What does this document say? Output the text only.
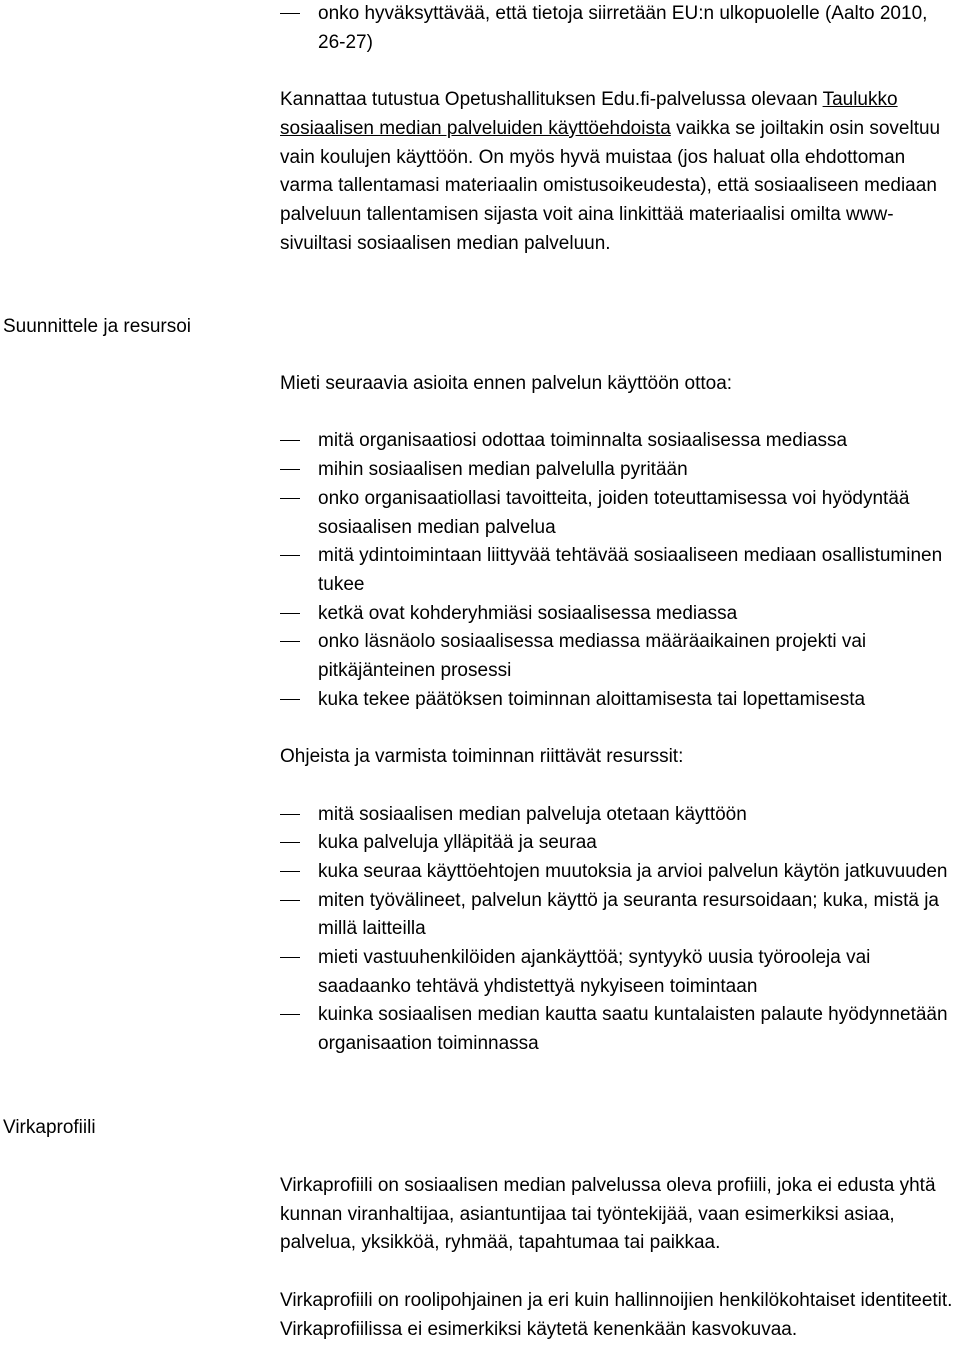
onko hyväksyttävää, että tietoja siirretään EU:n ulkopuolelle (Aalto 2010, 26-27)

Kannattaa tutustua Opetushallituksen Edu.fi-palvelussa olevaan Taulukko sosiaalisen median palveluiden käyttöehdoista vaikka se joiltakin osin soveltuu vain koulujen käyttöön. On myös hyvä muistaa (jos haluat olla ehdottoman varma tallentamasi materiaalin omistusoikeudesta), että sosiaaliseen mediaan palveluun tallentamisen sijasta voit aina linkittää materiaalisi omilta www-sivuiltasi sosiaalisen median palveluun.

Suunnittele ja resursoi

Mieti seuraavia asioita ennen palvelun käyttöön ottoa:

mitä organisaatiosi odottaa toiminnalta sosiaalisessa mediassa
mihin sosiaalisen median palvelulla pyritään
onko organisaatiollasi tavoitteita, joiden toteuttamisessa voi hyödyntää sosiaalisen median palvelua
mitä ydintoimintaan liittyvää tehtävää sosiaaliseen mediaan osallistuminen tukee
ketkä ovat kohderyhmiäsi sosiaalisessa mediassa
onko läsnäolo sosiaalisessa mediassa määräaikainen projekti vai pitkäjänteinen prosessi
kuka tekee päätöksen toiminnan aloittamisesta tai lopettamisesta

Ohjeista ja varmista toiminnan riittävät resurssit:

mitä sosiaalisen median palveluja otetaan käyttöön
kuka palveluja ylläpitää ja seuraa
kuka seuraa käyttöehtojen muutoksia ja arvioi palvelun käytön jatkuvuuden
miten työvälineet, palvelun käyttö ja seuranta resursoidaan; kuka, mistä ja millä laitteilla
mieti vastuuhenkilöiden ajankäyttöä; syntyykö uusia työrooleja vai saadaanko tehtävä yhdistettyä nykyiseen toimintaan
kuinka sosiaalisen median kautta saatu kuntalaisten palaute hyödynnetään organisaation toiminnassa
Virkaprofiili

Virkaprofiili on sosiaalisen median palvelussa oleva profiili, joka ei edusta yhtä kunnan viranhaltijaa, asiantuntijaa tai työntekijää, vaan esimerkiksi asiaa, palvelua, yksikköä, ryhmää, tapahtumaa tai paikkaa.

Virkaprofiili on roolipohjainen ja eri kuin hallinnoijien henkilökohtaiset identiteetit. Virkaprofiilissa ei esimerkiksi käytetä kenenkään kasvokuvaa.
